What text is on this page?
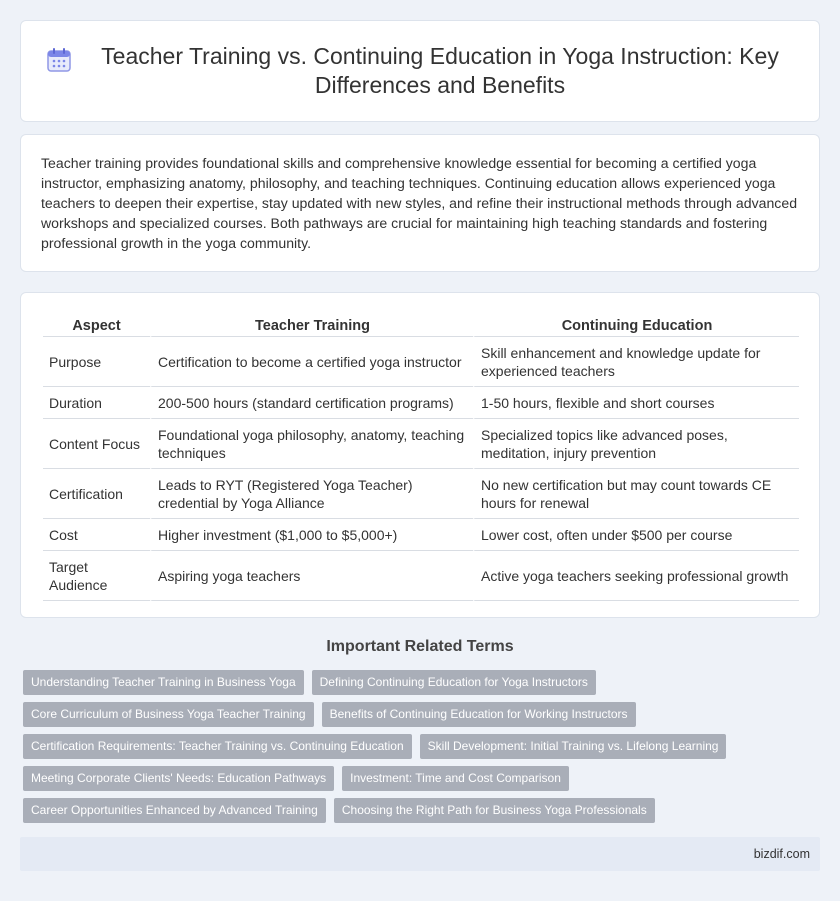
Teacher Training vs. Continuing Education in Yoga Instruction: Key Differences and Benefits

Teacher training provides foundational skills and comprehensive knowledge essential for becoming a certified yoga instructor, emphasizing anatomy, philosophy, and teaching techniques. Continuing education allows experienced yoga teachers to deepen their expertise, stay updated with new styles, and refine their instructional methods through advanced workshops and specialized courses. Both pathways are crucial for maintaining high teaching standards and fostering professional growth in the yoga community.

Aspect	Teacher Training	Continuing Education
Purpose	Certification to become a certified yoga instructor	Skill enhancement and knowledge update for experienced teachers
Duration	200-500 hours (standard certification programs)	1-50 hours, flexible and short courses
Content Focus	Foundational yoga philosophy, anatomy, teaching techniques	Specialized topics like advanced poses, meditation, injury prevention
Certification	Leads to RYT (Registered Yoga Teacher) credential by Yoga Alliance	No new certification but may count towards CE hours for renewal
Cost	Higher investment ($1,000 to $5,000+)	Lower cost, often under $500 per course
Target Audience	Aspiring yoga teachers	Active yoga teachers seeking professional growth
Important Related Terms
Understanding Teacher Training in Business Yoga	Defining Continuing Education for Yoga Instructors
Core Curriculum of Business Yoga Teacher Training	Benefits of Continuing Education for Working Instructors
Certification Requirements: Teacher Training vs. Continuing Education	Skill Development: Initial Training vs. Lifelong Learning
Meeting Corporate Clients' Needs: Education Pathways	Investment: Time and Cost Comparison
Career Opportunities Enhanced by Advanced Training	Choosing the Right Path for Business Yoga Professionals
bizdif.com
